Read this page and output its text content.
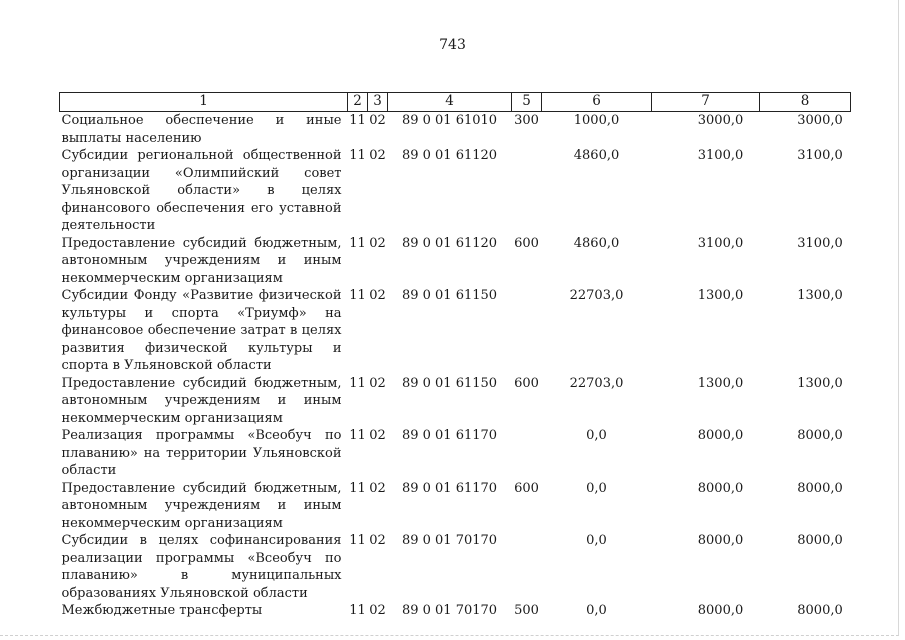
743
1	2	3	4	5	6	7	8
Социальное обеспечение и иные выплаты населению	11	02	89 0 01 61010	300	1000,0	3000,0	3000,0
Субсидии региональной общественной организации «Олимпийский совет Ульяновской области» в целях финансового обеспечения его уставной деятельности	11	02	89 0 01 61120		4860,0	3100,0	3100,0
Предоставление субсидий бюджетным, автономным учреждениям и иным некоммерческим организациям	11	02	89 0 01 61120	600	4860,0	3100,0	3100,0
Субсидии Фонду «Развитие физической культуры и спорта «Триумф» на финансовое обеспечение затрат в целях развития физической культуры и спорта в Ульяновской области	11	02	89 0 01 61150		22703,0	1300,0	1300,0
Предоставление субсидий бюджетным, автономным учреждениям и иным некоммерческим организациям	11	02	89 0 01 61150	600	22703,0	1300,0	1300,0
Реализация программы «Всеобуч по плаванию» на территории Ульяновской области	11	02	89 0 01 61170		0,0	8000,0	8000,0
Предоставление субсидий бюджетным, автономным учреждениям и иным некоммерческим организациям	11	02	89 0 01 61170	600	0,0	8000,0	8000,0
Субсидии в целях софинансирования реализации программы «Всеобуч по плаванию» в муниципальных образованиях Ульяновской области	11	02	89 0 01 70170		0,0	8000,0	8000,0
Межбюджетные трансферты	11	02	89 0 01 70170	500	0,0	8000,0	8000,0
